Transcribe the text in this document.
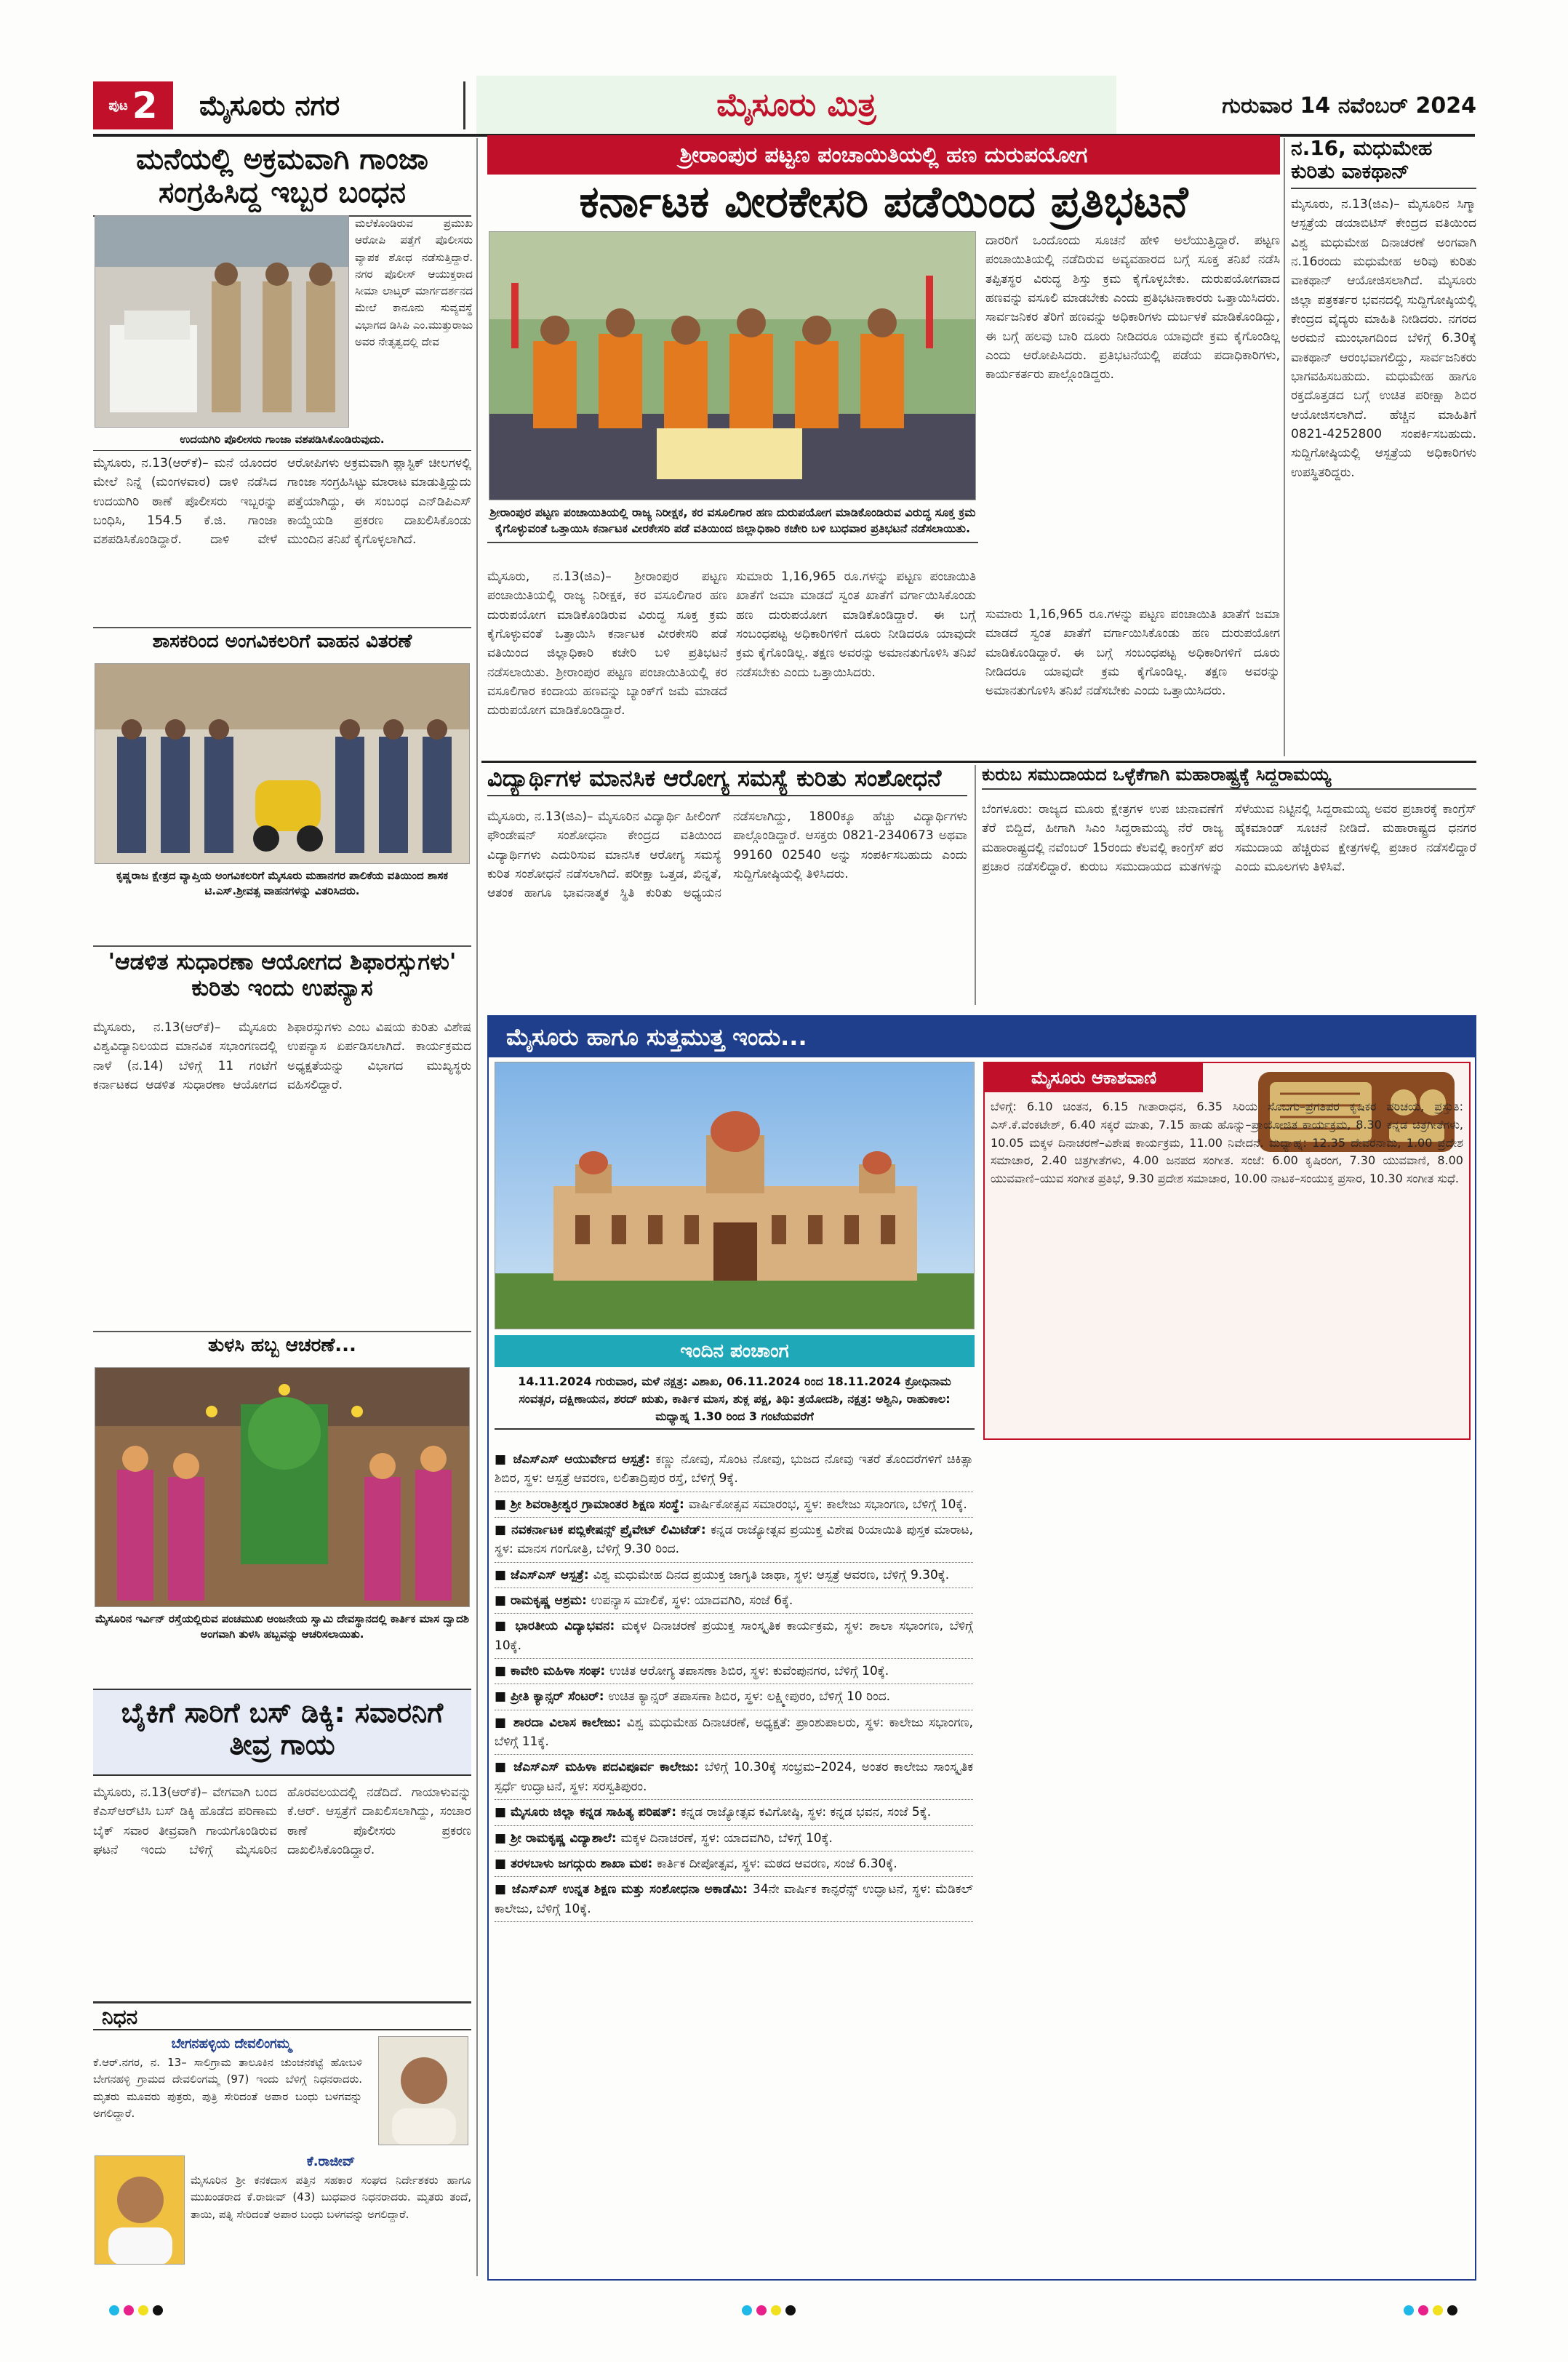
ಪುಟ 2	ಮೈಸೂರು ನಗರ	ಮೈಸೂರು ಮಿತ್ರ	ಗುರುವಾರ 14 ನವೆಂಬರ್ 2024
ಮನೆಯಲ್ಲಿ ಅಕ್ರಮವಾಗಿ ಗಾಂಜಾ ಸಂಗ್ರಹಿಸಿದ್ದ ಇಬ್ಬರ ಬಂಧನ
ಮಲೆಕೊಂಡಿರುವ ಪ್ರಮುಖ ಆರೋಪಿ ಪತ್ತೆಗೆ ಪೊಲೀಸರು ವ್ಯಾಪಕ ಶೋಧ ನಡೆಸುತ್ತಿದ್ದಾರೆ. ನಗರ ಪೊಲೀಸ್ ಆಯುಕ್ತರಾದ ಸೀಮಾ ಲಾಟ್ಕರ್ ಮಾರ್ಗದರ್ಶನದ ಮೇಲೆ ಕಾನೂನು ಸುವ್ಯವಸ್ಥೆ ವಿಭಾಗದ ಡಿಸಿಪಿ ಎಂ.ಮುತ್ತುರಾಜು ಅವರ ನೇತೃತ್ವದಲ್ಲಿ ದೇವ
ಉದಯಗಿರಿ ಪೊಲೀಸರು ಗಾಂಜಾ ವಶಪಡಿಸಿಕೊಂಡಿರುವುದು.
ಮೈಸೂರು, ನ.13(ಆರ್‌ಕೆ)– ಮನೆ ಯೊಂದರ ಮೇಲೆ ನಿನ್ನೆ (ಮಂಗಳವಾರ) ದಾಳಿ ನಡೆಸಿದ ಉದಯಗಿರಿ ಠಾಣೆ ಪೊಲೀಸರು ಇಬ್ಬರನ್ನು ಬಂಧಿಸಿ, 154.5 ಕೆ.ಜಿ. ಗಾಂಜಾ ವಶಪಡಿಸಿಕೊಂಡಿದ್ದಾರೆ. ದಾಳಿ ವೇಳೆ ಆರೋಪಿಗಳು ಅಕ್ರಮವಾಗಿ ಪ್ಲಾಸ್ಟಿಕ್ ಚೀಲಗಳಲ್ಲಿ ಗಾಂಜಾ ಸಂಗ್ರಹಿಸಿಟ್ಟು ಮಾರಾಟ ಮಾಡುತ್ತಿದ್ದುದು ಪತ್ತೆಯಾಗಿದ್ದು, ಈ ಸಂಬಂಧ ಎನ್‌ಡಿಪಿಎಸ್ ಕಾಯ್ದೆಯಡಿ ಪ್ರಕರಣ ದಾಖಲಿಸಿಕೊಂಡು ಮುಂದಿನ ತನಿಖೆ ಕೈಗೊಳ್ಳಲಾಗಿದೆ.
ಶಾಸಕರಿಂದ ಅಂಗವಿಕಲರಿಗೆ ವಾಹನ ವಿತರಣೆ
ಕೃಷ್ಣರಾಜ ಕ್ಷೇತ್ರದ ವ್ಯಾಪ್ತಿಯ ಅಂಗವಿಕಲರಿಗೆ ಮೈಸೂರು ಮಹಾನಗರ ಪಾಲಿಕೆಯ ವತಿಯಿಂದ ಶಾಸಕ ಟಿ.ಎಸ್.ಶ್ರೀವತ್ಸ ವಾಹನಗಳನ್ನು ವಿತರಿಸಿದರು.
'ಆಡಳಿತ ಸುಧಾರಣಾ ಆಯೋಗದ ಶಿಫಾರಸ್ಸುಗಳು' ಕುರಿತು ಇಂದು ಉಪನ್ಯಾಸ
ಮೈಸೂರು, ನ.13(ಆರ್‌ಕೆ)– ಮೈಸೂರು ವಿಶ್ವವಿದ್ಯಾನಿಲಯದ ಮಾನವಿಕ ಸಭಾಂಗಣದಲ್ಲಿ ನಾಳೆ (ನ.14) ಬೆಳಿಗ್ಗೆ 11 ಗಂಟೆಗೆ ಕರ್ನಾಟಕದ ಆಡಳಿತ ಸುಧಾರಣಾ ಆಯೋಗದ ಶಿಫಾರಸ್ಸುಗಳು ಎಂಬ ವಿಷಯ ಕುರಿತು ವಿಶೇಷ ಉಪನ್ಯಾಸ ಏರ್ಪಡಿಸಲಾಗಿದೆ. ಕಾರ್ಯಕ್ರಮದ ಅಧ್ಯಕ್ಷತೆಯನ್ನು ವಿಭಾಗದ ಮುಖ್ಯಸ್ಥರು ವಹಿಸಲಿದ್ದಾರೆ.
ತುಳಸಿ ಹಬ್ಬ ಆಚರಣೆ...
ಮೈಸೂರಿನ ಇರ್ವಿನ್ ರಸ್ತೆಯಲ್ಲಿರುವ ಪಂಚಮುಖಿ ಆಂಜನೇಯ ಸ್ವಾಮಿ ದೇವಸ್ಥಾನದಲ್ಲಿ ಕಾರ್ತಿಕ ಮಾಸ ದ್ವಾದಶಿ ಅಂಗವಾಗಿ ತುಳಸಿ ಹಬ್ಬವನ್ನು ಆಚರಿಸಲಾಯಿತು.
ಬೈಕಿಗೆ ಸಾರಿಗೆ ಬಸ್ ಡಿಕ್ಕಿ: ಸವಾರನಿಗೆ ತೀವ್ರ ಗಾಯ
ಮೈಸೂರು, ನ.13(ಆರ್‌ಕೆ)– ವೇಗವಾಗಿ ಬಂದ ಕೆಎಸ್‌ಆರ್‌ಟಿಸಿ ಬಸ್ ಡಿಕ್ಕಿ ಹೊಡೆದ ಪರಿಣಾಮ ಬೈಕ್ ಸವಾರ ತೀವ್ರವಾಗಿ ಗಾಯಗೊಂಡಿರುವ ಘಟನೆ ಇಂದು ಬೆಳಿಗ್ಗೆ ಮೈಸೂರಿನ ಹೊರವಲಯದಲ್ಲಿ ನಡೆದಿದೆ. ಗಾಯಾಳುವನ್ನು ಕೆ.ಆರ್. ಆಸ್ಪತ್ರೆಗೆ ದಾಖಲಿಸಲಾಗಿದ್ದು, ಸಂಚಾರ ಠಾಣೆ ಪೊಲೀಸರು ಪ್ರಕರಣ ದಾಖಲಿಸಿಕೊಂಡಿದ್ದಾರೆ.
ನಿಧನ
ಬೇಗನಹಳ್ಳಿಯ ದೇವಲಿಂಗಮ್ಮ
ಕೆ.ಆರ್.ನಗರ, ನ. 13– ಸಾಲಿಗ್ರಾಮ ತಾಲೂಕಿನ ಚುಂಚನಕಟ್ಟೆ ಹೋಬಳಿ ಬೇಗನಹಳ್ಳಿ ಗ್ರಾಮದ ದೇವಲಿಂಗಮ್ಮ (97) ಇಂದು ಬೆಳಿಗ್ಗೆ ನಿಧನರಾದರು. ಮೃತರು ಮೂವರು ಪುತ್ರರು, ಪುತ್ರಿ ಸೇರಿದಂತೆ ಅಪಾರ ಬಂಧು ಬಳಗವನ್ನು ಅಗಲಿದ್ದಾರೆ.
ಕೆ.ರಾಜೀವ್
ಮೈಸೂರಿನ ಶ್ರೀ ಕನಕದಾಸ ಪತ್ತಿನ ಸಹಕಾರ ಸಂಘದ ನಿರ್ದೇಶಕರು ಹಾಗೂ ಮುಖಂಡರಾದ ಕೆ.ರಾಜೀವ್ (43) ಬುಧವಾರ ನಿಧನರಾದರು. ಮೃತರು ತಂದೆ, ತಾಯಿ, ಪತ್ನಿ ಸೇರಿದಂತೆ ಅಪಾರ ಬಂಧು ಬಳಗವನ್ನು ಅಗಲಿದ್ದಾರೆ.
ಶ್ರೀರಾಂಪುರ ಪಟ್ಟಣ ಪಂಚಾಯಿತಿಯಲ್ಲಿ ಹಣ ದುರುಪಯೋಗ
ಕರ್ನಾಟಕ ವೀರಕೇಸರಿ ಪಡೆಯಿಂದ ಪ್ರತಿಭಟನೆ
ಶ್ರೀರಾಂಪುರ ಪಟ್ಟಣ ಪಂಚಾಯಿತಿಯಲ್ಲಿ ರಾಜ್ಯ ನಿರೀಕ್ಷಕ, ಕರ ವಸೂಲಿಗಾರ ಹಣ ದುರುಪಯೋಗ ಮಾಡಿಕೊಂಡಿರುವ ವಿರುದ್ಧ ಸೂಕ್ತ ಕ್ರಮ ಕೈಗೊಳ್ಳುವಂತೆ ಒತ್ತಾಯಿಸಿ ಕರ್ನಾಟಕ ವೀರಕೇಸರಿ ಪಡೆ ವತಿಯಿಂದ ಜಿಲ್ಲಾಧಿಕಾರಿ ಕಚೇರಿ ಬಳಿ ಬುಧವಾರ ಪ್ರತಿಭಟನೆ ನಡೆಸಲಾಯಿತು.
ದಾರರಿಗೆ ಒಂದೊಂದು ಸೂಚನೆ ಹೇಳಿ ಅಲೆಯುತ್ತಿದ್ದಾರೆ. ಪಟ್ಟಣ ಪಂಚಾಯಿತಿಯಲ್ಲಿ ನಡೆದಿರುವ ಅವ್ಯವಹಾರದ ಬಗ್ಗೆ ಸೂಕ್ತ ತನಿಖೆ ನಡೆಸಿ ತಪ್ಪಿತಸ್ಥರ ವಿರುದ್ಧ ಶಿಸ್ತು ಕ್ರಮ ಕೈಗೊಳ್ಳಬೇಕು. ದುರುಪಯೋಗವಾದ ಹಣವನ್ನು ವಸೂಲಿ ಮಾಡಬೇಕು ಎಂದು ಪ್ರತಿಭಟನಾಕಾರರು ಒತ್ತಾಯಿಸಿದರು. ಸಾರ್ವಜನಿಕರ ತೆರಿಗೆ ಹಣವನ್ನು ಅಧಿಕಾರಿಗಳು ದುರ್ಬಳಕೆ ಮಾಡಿಕೊಂಡಿದ್ದು, ಈ ಬಗ್ಗೆ ಹಲವು ಬಾರಿ ದೂರು ನೀಡಿದರೂ ಯಾವುದೇ ಕ್ರಮ ಕೈಗೊಂಡಿಲ್ಲ ಎಂದು ಆರೋಪಿಸಿದರು. ಪ್ರತಿಭಟನೆಯಲ್ಲಿ ಪಡೆಯ ಪದಾಧಿಕಾರಿಗಳು, ಕಾರ್ಯಕರ್ತರು ಪಾಲ್ಗೊಂಡಿದ್ದರು.
ಮೈಸೂರು, ನ.13(ಜಿಎ)– ಶ್ರೀರಾಂಪುರ ಪಟ್ಟಣ ಪಂಚಾಯಿತಿಯಲ್ಲಿ ರಾಜ್ಯ ನಿರೀಕ್ಷಕ, ಕರ ವಸೂಲಿಗಾರ ಹಣ ದುರುಪಯೋಗ ಮಾಡಿಕೊಂಡಿರುವ ವಿರುದ್ಧ ಸೂಕ್ತ ಕ್ರಮ ಕೈಗೊಳ್ಳುವಂತೆ ಒತ್ತಾಯಿಸಿ ಕರ್ನಾಟಕ ವೀರಕೇಸರಿ ಪಡೆ ವತಿಯಿಂದ ಜಿಲ್ಲಾಧಿಕಾರಿ ಕಚೇರಿ ಬಳಿ ಪ್ರತಿಭಟನೆ ನಡೆಸಲಾಯಿತು. ಶ್ರೀರಾಂಪುರ ಪಟ್ಟಣ ಪಂಚಾಯಿತಿಯಲ್ಲಿ ಕರ ವಸೂಲಿಗಾರ ಕಂದಾಯ ಹಣವನ್ನು ಬ್ಯಾಂಕ್‌ಗೆ ಜಮೆ ಮಾಡದೆ ದುರುಪಯೋಗ ಮಾಡಿಕೊಂಡಿದ್ದಾರೆ.
ಸುಮಾರು 1,16,965 ರೂ.ಗಳನ್ನು ಪಟ್ಟಣ ಪಂಚಾಯಿತಿ ಖಾತೆಗೆ ಜಮಾ ಮಾಡದೆ ಸ್ವಂತ ಖಾತೆಗೆ ವರ್ಗಾಯಿಸಿಕೊಂಡು ಹಣ ದುರುಪಯೋಗ ಮಾಡಿಕೊಂಡಿದ್ದಾರೆ. ಈ ಬಗ್ಗೆ ಸಂಬಂಧಪಟ್ಟ ಅಧಿಕಾರಿಗಳಿಗೆ ದೂರು ನೀಡಿದರೂ ಯಾವುದೇ ಕ್ರಮ ಕೈಗೊಂಡಿಲ್ಲ. ತಕ್ಷಣ ಅವರನ್ನು ಅಮಾನತುಗೊಳಿಸಿ ತನಿಖೆ ನಡೆಸಬೇಕು ಎಂದು ಒತ್ತಾಯಿಸಿದರು.
ಸುಮಾರು 1,16,965 ರೂ.ಗಳನ್ನು ಪಟ್ಟಣ ಪಂಚಾಯಿತಿ ಖಾತೆಗೆ ಜಮಾ ಮಾಡದೆ ಸ್ವಂತ ಖಾತೆಗೆ ವರ್ಗಾಯಿಸಿಕೊಂಡು ಹಣ ದುರುಪಯೋಗ ಮಾಡಿಕೊಂಡಿದ್ದಾರೆ. ಈ ಬಗ್ಗೆ ಸಂಬಂಧಪಟ್ಟ ಅಧಿಕಾರಿಗಳಿಗೆ ದೂರು ನೀಡಿದರೂ ಯಾವುದೇ ಕ್ರಮ ಕೈಗೊಂಡಿಲ್ಲ. ತಕ್ಷಣ ಅವರನ್ನು ಅಮಾನತುಗೊಳಿಸಿ ತನಿಖೆ ನಡೆಸಬೇಕು ಎಂದು ಒತ್ತಾಯಿಸಿದರು.
ನ.16, ಮಧುಮೇಹ ಕುರಿತು ವಾಕಥಾನ್
ಮೈಸೂರು, ನ.13(ಜಿಎ)– ಮೈಸೂರಿನ ಸಿಗ್ಮಾ ಆಸ್ಪತ್ರೆಯ ಡಯಾಬಿಟಿಸ್ ಕೇಂದ್ರದ ವತಿಯಿಂದ ವಿಶ್ವ ಮಧುಮೇಹ ದಿನಾಚರಣೆ ಅಂಗವಾಗಿ ನ.16ರಂದು ಮಧುಮೇಹ ಅರಿವು ಕುರಿತು ವಾಕಥಾನ್ ಆಯೋಜಿಸಲಾಗಿದೆ. ಮೈಸೂರು ಜಿಲ್ಲಾ ಪತ್ರಕರ್ತರ ಭವನದಲ್ಲಿ ಸುದ್ದಿಗೋಷ್ಠಿಯಲ್ಲಿ ಕೇಂದ್ರದ ವೈದ್ಯರು ಮಾಹಿತಿ ನೀಡಿದರು. ನಗರದ ಅರಮನೆ ಮುಂಭಾಗದಿಂದ ಬೆಳಿಗ್ಗೆ 6.30ಕ್ಕೆ ವಾಕಥಾನ್ ಆರಂಭವಾಗಲಿದ್ದು, ಸಾರ್ವಜನಿಕರು ಭಾಗವಹಿಸಬಹುದು. ಮಧುಮೇಹ ಹಾಗೂ ರಕ್ತದೊತ್ತಡದ ಬಗ್ಗೆ ಉಚಿತ ಪರೀಕ್ಷಾ ಶಿಬಿರ ಆಯೋಜಿಸಲಾಗಿದೆ. ಹೆಚ್ಚಿನ ಮಾಹಿತಿಗೆ 0821-4252800 ಸಂಪರ್ಕಿಸಬಹುದು. ಸುದ್ದಿಗೋಷ್ಠಿಯಲ್ಲಿ ಆಸ್ಪತ್ರೆಯ ಅಧಿಕಾರಿಗಳು ಉಪಸ್ಥಿತರಿದ್ದರು.
ವಿದ್ಯಾರ್ಥಿಗಳ ಮಾನಸಿಕ ಆರೋಗ್ಯ ಸಮಸ್ಯೆ ಕುರಿತು ಸಂಶೋಧನೆ
ಮೈಸೂರು, ನ.13(ಜಿಎ)– ಮೈಸೂರಿನ ವಿದ್ಯಾರ್ಥಿ ಹೀಲಿಂಗ್ ಫೌಂಡೇಷನ್ ಸಂಶೋಧನಾ ಕೇಂದ್ರದ ವತಿಯಿಂದ ವಿದ್ಯಾರ್ಥಿಗಳು ಎದುರಿಸುವ ಮಾನಸಿಕ ಆರೋಗ್ಯ ಸಮಸ್ಯೆ ಕುರಿತ ಸಂಶೋಧನೆ ನಡೆಸಲಾಗಿದೆ. ಪರೀಕ್ಷಾ ಒತ್ತಡ, ಖಿನ್ನತೆ, ಆತಂಕ ಹಾಗೂ ಭಾವನಾತ್ಮಕ ಸ್ಥಿತಿ ಕುರಿತು ಅಧ್ಯಯನ ನಡೆಸಲಾಗಿದ್ದು, 1800ಕ್ಕೂ ಹೆಚ್ಚು ವಿದ್ಯಾರ್ಥಿಗಳು ಪಾಲ್ಗೊಂಡಿದ್ದಾರೆ. ಆಸಕ್ತರು 0821-2340673 ಅಥವಾ 99160 02540 ಅನ್ನು ಸಂಪರ್ಕಿಸಬಹುದು ಎಂದು ಸುದ್ದಿಗೋಷ್ಠಿಯಲ್ಲಿ ತಿಳಿಸಿದರು.
ಕುರುಬ ಸಮುದಾಯದ ಒಳ್ಳೆಕೆಗಾಗಿ ಮಹಾರಾಷ್ಟ್ರಕ್ಕೆ ಸಿದ್ದರಾಮಯ್ಯ
ಬೆಂಗಳೂರು: ರಾಜ್ಯದ ಮೂರು ಕ್ಷೇತ್ರಗಳ ಉಪ ಚುನಾವಣೆಗೆ ತೆರೆ ಬಿದ್ದಿದೆ, ಹೀಗಾಗಿ ಸಿಎಂ ಸಿದ್ದರಾಮಯ್ಯ ನೆರೆ ರಾಜ್ಯ ಮಹಾರಾಷ್ಟ್ರದಲ್ಲಿ ನವೆಂಬರ್ 15ರಂದು ಕೆಲವಲ್ಲಿ ಕಾಂಗ್ರೆಸ್ ಪರ ಪ್ರಚಾರ ನಡೆಸಲಿದ್ದಾರೆ. ಕುರುಬ ಸಮುದಾಯದ ಮತಗಳನ್ನು ಸೆಳೆಯುವ ನಿಟ್ಟಿನಲ್ಲಿ ಸಿದ್ದರಾಮಯ್ಯ ಅವರ ಪ್ರಚಾರಕ್ಕೆ ಕಾಂಗ್ರೆಸ್ ಹೈಕಮಾಂಡ್ ಸೂಚನೆ ನೀಡಿದೆ. ಮಹಾರಾಷ್ಟ್ರದ ಧನಗರ ಸಮುದಾಯ ಹೆಚ್ಚಿರುವ ಕ್ಷೇತ್ರಗಳಲ್ಲಿ ಪ್ರಚಾರ ನಡೆಸಲಿದ್ದಾರೆ ಎಂದು ಮೂಲಗಳು ತಿಳಿಸಿವೆ.
ಮೈಸೂರು ಹಾಗೂ ಸುತ್ತಮುತ್ತ ಇಂದು...
ಇಂದಿನ ಪಂಚಾಂಗ
14.11.2024 ಗುರುವಾರ, ಮಳೆ ನಕ್ಷತ್ರ: ವಿಶಾಖ, 06.11.2024 ರಿಂದ 18.11.2024 ಕ್ರೋಧಿನಾಮ ಸಂವತ್ಸರ, ದಕ್ಷಿಣಾಯನ, ಶರದ್ ಋತು, ಕಾರ್ತಿಕ ಮಾಸ, ಶುಕ್ಲ ಪಕ್ಷ, ತಿಥಿ: ತ್ರಯೋದಶಿ, ನಕ್ಷತ್ರ: ಅಶ್ವಿನಿ, ರಾಹುಕಾಲ: ಮಧ್ಯಾಹ್ನ 1.30 ರಿಂದ 3 ಗಂಟೆಯವರೆಗೆ
■ ಜೆಎಸ್‌ಎಸ್ ಆಯುರ್ವೇದ ಆಸ್ಪತ್ರೆ: ಕಣ್ಣು ನೋವು, ಸೊಂಟ ನೋವು, ಭುಜದ ನೋವು ಇತರೆ ತೊಂದರೆಗಳಿಗೆ ಚಿಕಿತ್ಸಾ ಶಿಬಿರ, ಸ್ಥಳ: ಆಸ್ಪತ್ರೆ ಆವರಣ, ಲಲಿತಾದ್ರಿಪುರ ರಸ್ತೆ, ಬೆಳಿಗ್ಗೆ 9ಕ್ಕೆ.
■ ಶ್ರೀ ಶಿವರಾತ್ರೀಶ್ವರ ಗ್ರಾಮಾಂತರ ಶಿಕ್ಷಣ ಸಂಸ್ಥೆ: ವಾರ್ಷಿಕೋತ್ಸವ ಸಮಾರಂಭ, ಸ್ಥಳ: ಕಾಲೇಜು ಸಭಾಂಗಣ, ಬೆಳಿಗ್ಗೆ 10ಕ್ಕೆ.
■ ನವಕರ್ನಾಟಕ ಪಬ್ಲಿಕೇಷನ್ಸ್ ಪ್ರೈವೇಟ್ ಲಿಮಿಟೆಡ್: ಕನ್ನಡ ರಾಜ್ಯೋತ್ಸವ ಪ್ರಯುಕ್ತ ವಿಶೇಷ ರಿಯಾಯಿತಿ ಪುಸ್ತಕ ಮಾರಾಟ, ಸ್ಥಳ: ಮಾನಸ ಗಂಗೋತ್ರಿ, ಬೆಳಿಗ್ಗೆ 9.30 ರಿಂದ.
■ ಜೆಎಸ್‌ಎಸ್ ಆಸ್ಪತ್ರೆ: ವಿಶ್ವ ಮಧುಮೇಹ ದಿನದ ಪ್ರಯುಕ್ತ ಜಾಗೃತಿ ಜಾಥಾ, ಸ್ಥಳ: ಆಸ್ಪತ್ರೆ ಆವರಣ, ಬೆಳಿಗ್ಗೆ 9.30ಕ್ಕೆ.
■ ರಾಮಕೃಷ್ಣ ಆಶ್ರಮ: ಉಪನ್ಯಾಸ ಮಾಲಿಕೆ, ಸ್ಥಳ: ಯಾದವಗಿರಿ, ಸಂಜೆ 6ಕ್ಕೆ.
■ ಭಾರತೀಯ ವಿದ್ಯಾಭವನ: ಮಕ್ಕಳ ದಿನಾಚರಣೆ ಪ್ರಯುಕ್ತ ಸಾಂಸ್ಕೃತಿಕ ಕಾರ್ಯಕ್ರಮ, ಸ್ಥಳ: ಶಾಲಾ ಸಭಾಂಗಣ, ಬೆಳಿಗ್ಗೆ 10ಕ್ಕೆ.
■ ಕಾವೇರಿ ಮಹಿಳಾ ಸಂಘ: ಉಚಿತ ಆರೋಗ್ಯ ತಪಾಸಣಾ ಶಿಬಿರ, ಸ್ಥಳ: ಕುವೆಂಪುನಗರ, ಬೆಳಿಗ್ಗೆ 10ಕ್ಕೆ.
■ ಪ್ರೀತಿ ಕ್ಯಾನ್ಸರ್ ಸೆಂಟರ್: ಉಚಿತ ಕ್ಯಾನ್ಸರ್ ತಪಾಸಣಾ ಶಿಬಿರ, ಸ್ಥಳ: ಲಕ್ಷ್ಮೀಪುರಂ, ಬೆಳಿಗ್ಗೆ 10 ರಿಂದ.
■ ಶಾರದಾ ವಿಲಾಸ ಕಾಲೇಜು: ವಿಶ್ವ ಮಧುಮೇಹ ದಿನಾಚರಣೆ, ಅಧ್ಯಕ್ಷತೆ: ಪ್ರಾಂಶುಪಾಲರು, ಸ್ಥಳ: ಕಾಲೇಜು ಸಭಾಂಗಣ, ಬೆಳಿಗ್ಗೆ 11ಕ್ಕೆ.
■ ಜೆಎಸ್‌ಎಸ್ ಮಹಿಳಾ ಪದವಿಪೂರ್ವ ಕಾಲೇಜು: ಬೆಳಿಗ್ಗೆ 10.30ಕ್ಕೆ ಸಂಭ್ರಮ–2024, ಅಂತರ ಕಾಲೇಜು ಸಾಂಸ್ಕೃತಿಕ ಸ್ಪರ್ಧೆ ಉದ್ಘಾಟನೆ, ಸ್ಥಳ: ಸರಸ್ವತಿಪುರಂ.
■ ಮೈಸೂರು ಜಿಲ್ಲಾ ಕನ್ನಡ ಸಾಹಿತ್ಯ ಪರಿಷತ್: ಕನ್ನಡ ರಾಜ್ಯೋತ್ಸವ ಕವಿಗೋಷ್ಠಿ, ಸ್ಥಳ: ಕನ್ನಡ ಭವನ, ಸಂಜೆ 5ಕ್ಕೆ.
■ ಶ್ರೀ ರಾಮಕೃಷ್ಣ ವಿದ್ಯಾಶಾಲೆ: ಮಕ್ಕಳ ದಿನಾಚರಣೆ, ಸ್ಥಳ: ಯಾದವಗಿರಿ, ಬೆಳಿಗ್ಗೆ 10ಕ್ಕೆ.
■ ತರಳಬಾಳು ಜಗದ್ಗುರು ಶಾಖಾ ಮಠ: ಕಾರ್ತಿಕ ದೀಪೋತ್ಸವ, ಸ್ಥಳ: ಮಠದ ಆವರಣ, ಸಂಜೆ 6.30ಕ್ಕೆ.
■ ಜೆಎಸ್‌ಎಸ್ ಉನ್ನತ ಶಿಕ್ಷಣ ಮತ್ತು ಸಂಶೋಧನಾ ಅಕಾಡೆಮಿ: 34ನೇ ವಾರ್ಷಿಕ ಕಾನ್ಫರೆನ್ಸ್ ಉದ್ಘಾಟನೆ, ಸ್ಥಳ: ಮೆಡಿಕಲ್ ಕಾಲೇಜು, ಬೆಳಿಗ್ಗೆ 10ಕ್ಕೆ.
ಮೈಸೂರು ಆಕಾಶವಾಣಿ
ಬೆಳಿಗ್ಗೆ: 6.10 ಚಿಂತನ, 6.15 ಗೀತಾರಾಧನ, 6.35 ಸಿರಿಯ ಸೊಬಗು–ಪ್ರಗತಿಪರ ಕೃಷಿಕರ ಪರಿಚಯ, ಪ್ರಸ್ತುತಿ: ಎಸ್.ಕೆ.ವೆಂಕಟೇಶ್, 6.40 ಸಕ್ಕರೆ ಮಾತು, 7.15 ಹಾಡು ಹೊನ್ನು–ಪ್ರಾಯೋಜಿತ ಕಾರ್ಯಕ್ರಮ, 8.30 ಕನ್ನಡ ಚಿತ್ರಗೀತೆಗಳು, 10.05 ಮಕ್ಕಳ ದಿನಾಚರಣೆ–ವಿಶೇಷ ಕಾರ್ಯಕ್ರಮ, 11.00 ನಿವೇದನೆ. ಮಧ್ಯಾಹ್ನ: 12.35 ದೇವರನಾಮ, 1.00 ಪ್ರದೇಶ ಸಮಾಚಾರ, 2.40 ಚಿತ್ರಗೀತೆಗಳು, 4.00 ಜನಪದ ಸಂಗೀತ. ಸಂಜೆ: 6.00 ಕೃಷಿರಂಗ, 7.30 ಯುವವಾಣಿ, 8.00 ಯುವವಾಣಿ–ಯುವ ಸಂಗೀತ ಪ್ರತಿಭೆ, 9.30 ಪ್ರದೇಶ ಸಮಾಚಾರ, 10.00 ನಾಟಕ–ಸಂಯುಕ್ತ ಪ್ರಸಾರ, 10.30 ಸಂಗೀತ ಸುಧೆ.
